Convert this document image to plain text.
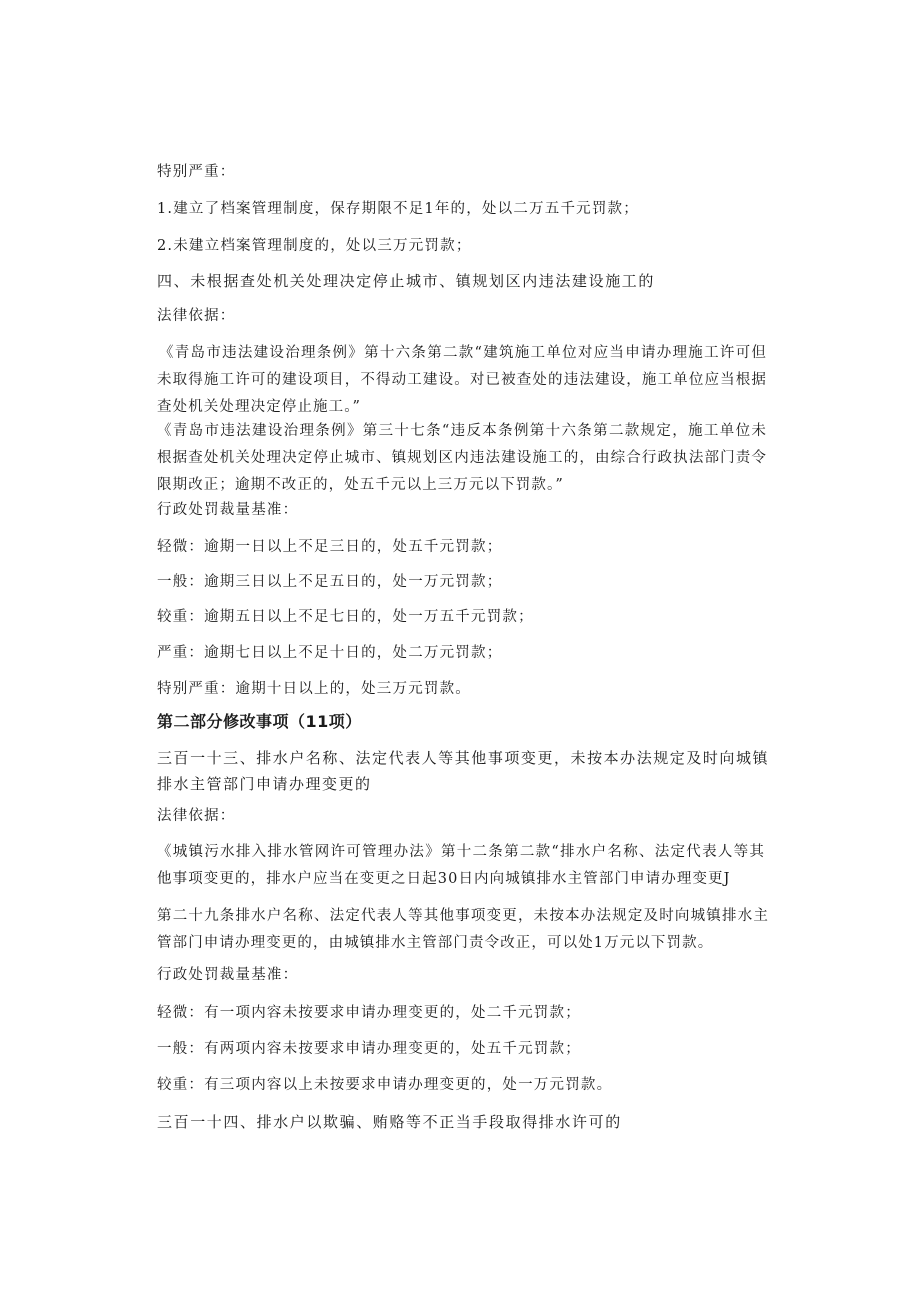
特别严重：
1.建立了档案管理制度，保存期限不足1年的，处以二万五千元罚款；
2.未建立档案管理制度的，处以三万元罚款；
四、未根据查处机关处理决定停止城市、镇规划区内违法建设施工的
法律依据：
《青岛市违法建设治理条例》第十六条第二款“建筑施工单位对应当申请办理施工许可但未取得施工许可的建设项目，不得动工建设。对已被查处的违法建设，施工单位应当根据查处机关处理决定停止施工。”
《青岛市违法建设治理条例》第三十七条“违反本条例第十六条第二款规定，施工单位未根据查处机关处理决定停止城市、镇规划区内违法建设施工的，由综合行政执法部门责令限期改正；逾期不改正的，处五千元以上三万元以下罚款。”
行政处罚裁量基准：
轻微：逾期一日以上不足三日的，处五千元罚款；
一般：逾期三日以上不足五日的，处一万元罚款；
较重：逾期五日以上不足七日的，处一万五千元罚款；
严重：逾期七日以上不足十日的，处二万元罚款；
特别严重：逾期十日以上的，处三万元罚款。
第二部分修改事项（11项）
三百一十三、排水户名称、法定代表人等其他事项变更，未按本办法规定及时向城镇排水主管部门申请办理变更的
法律依据：
《城镇污水排入排水管网许可管理办法》第十二条第二款“排水户名称、法定代表人等其他事项变更的，排水户应当在变更之日起30日内向城镇排水主管部门申请办理变更J
第二十九条排水户名称、法定代表人等其他事项变更，未按本办法规定及时向城镇排水主管部门申请办理变更的，由城镇排水主管部门责令改正，可以处1万元以下罚款。
行政处罚裁量基准：
轻微：有一项内容未按要求申请办理变更的，处二千元罚款；
一般：有两项内容未按要求申请办理变更的，处五千元罚款；
较重：有三项内容以上未按要求申请办理变更的，处一万元罚款。
三百一十四、排水户以欺骗、贿赂等不正当手段取得排水许可的
